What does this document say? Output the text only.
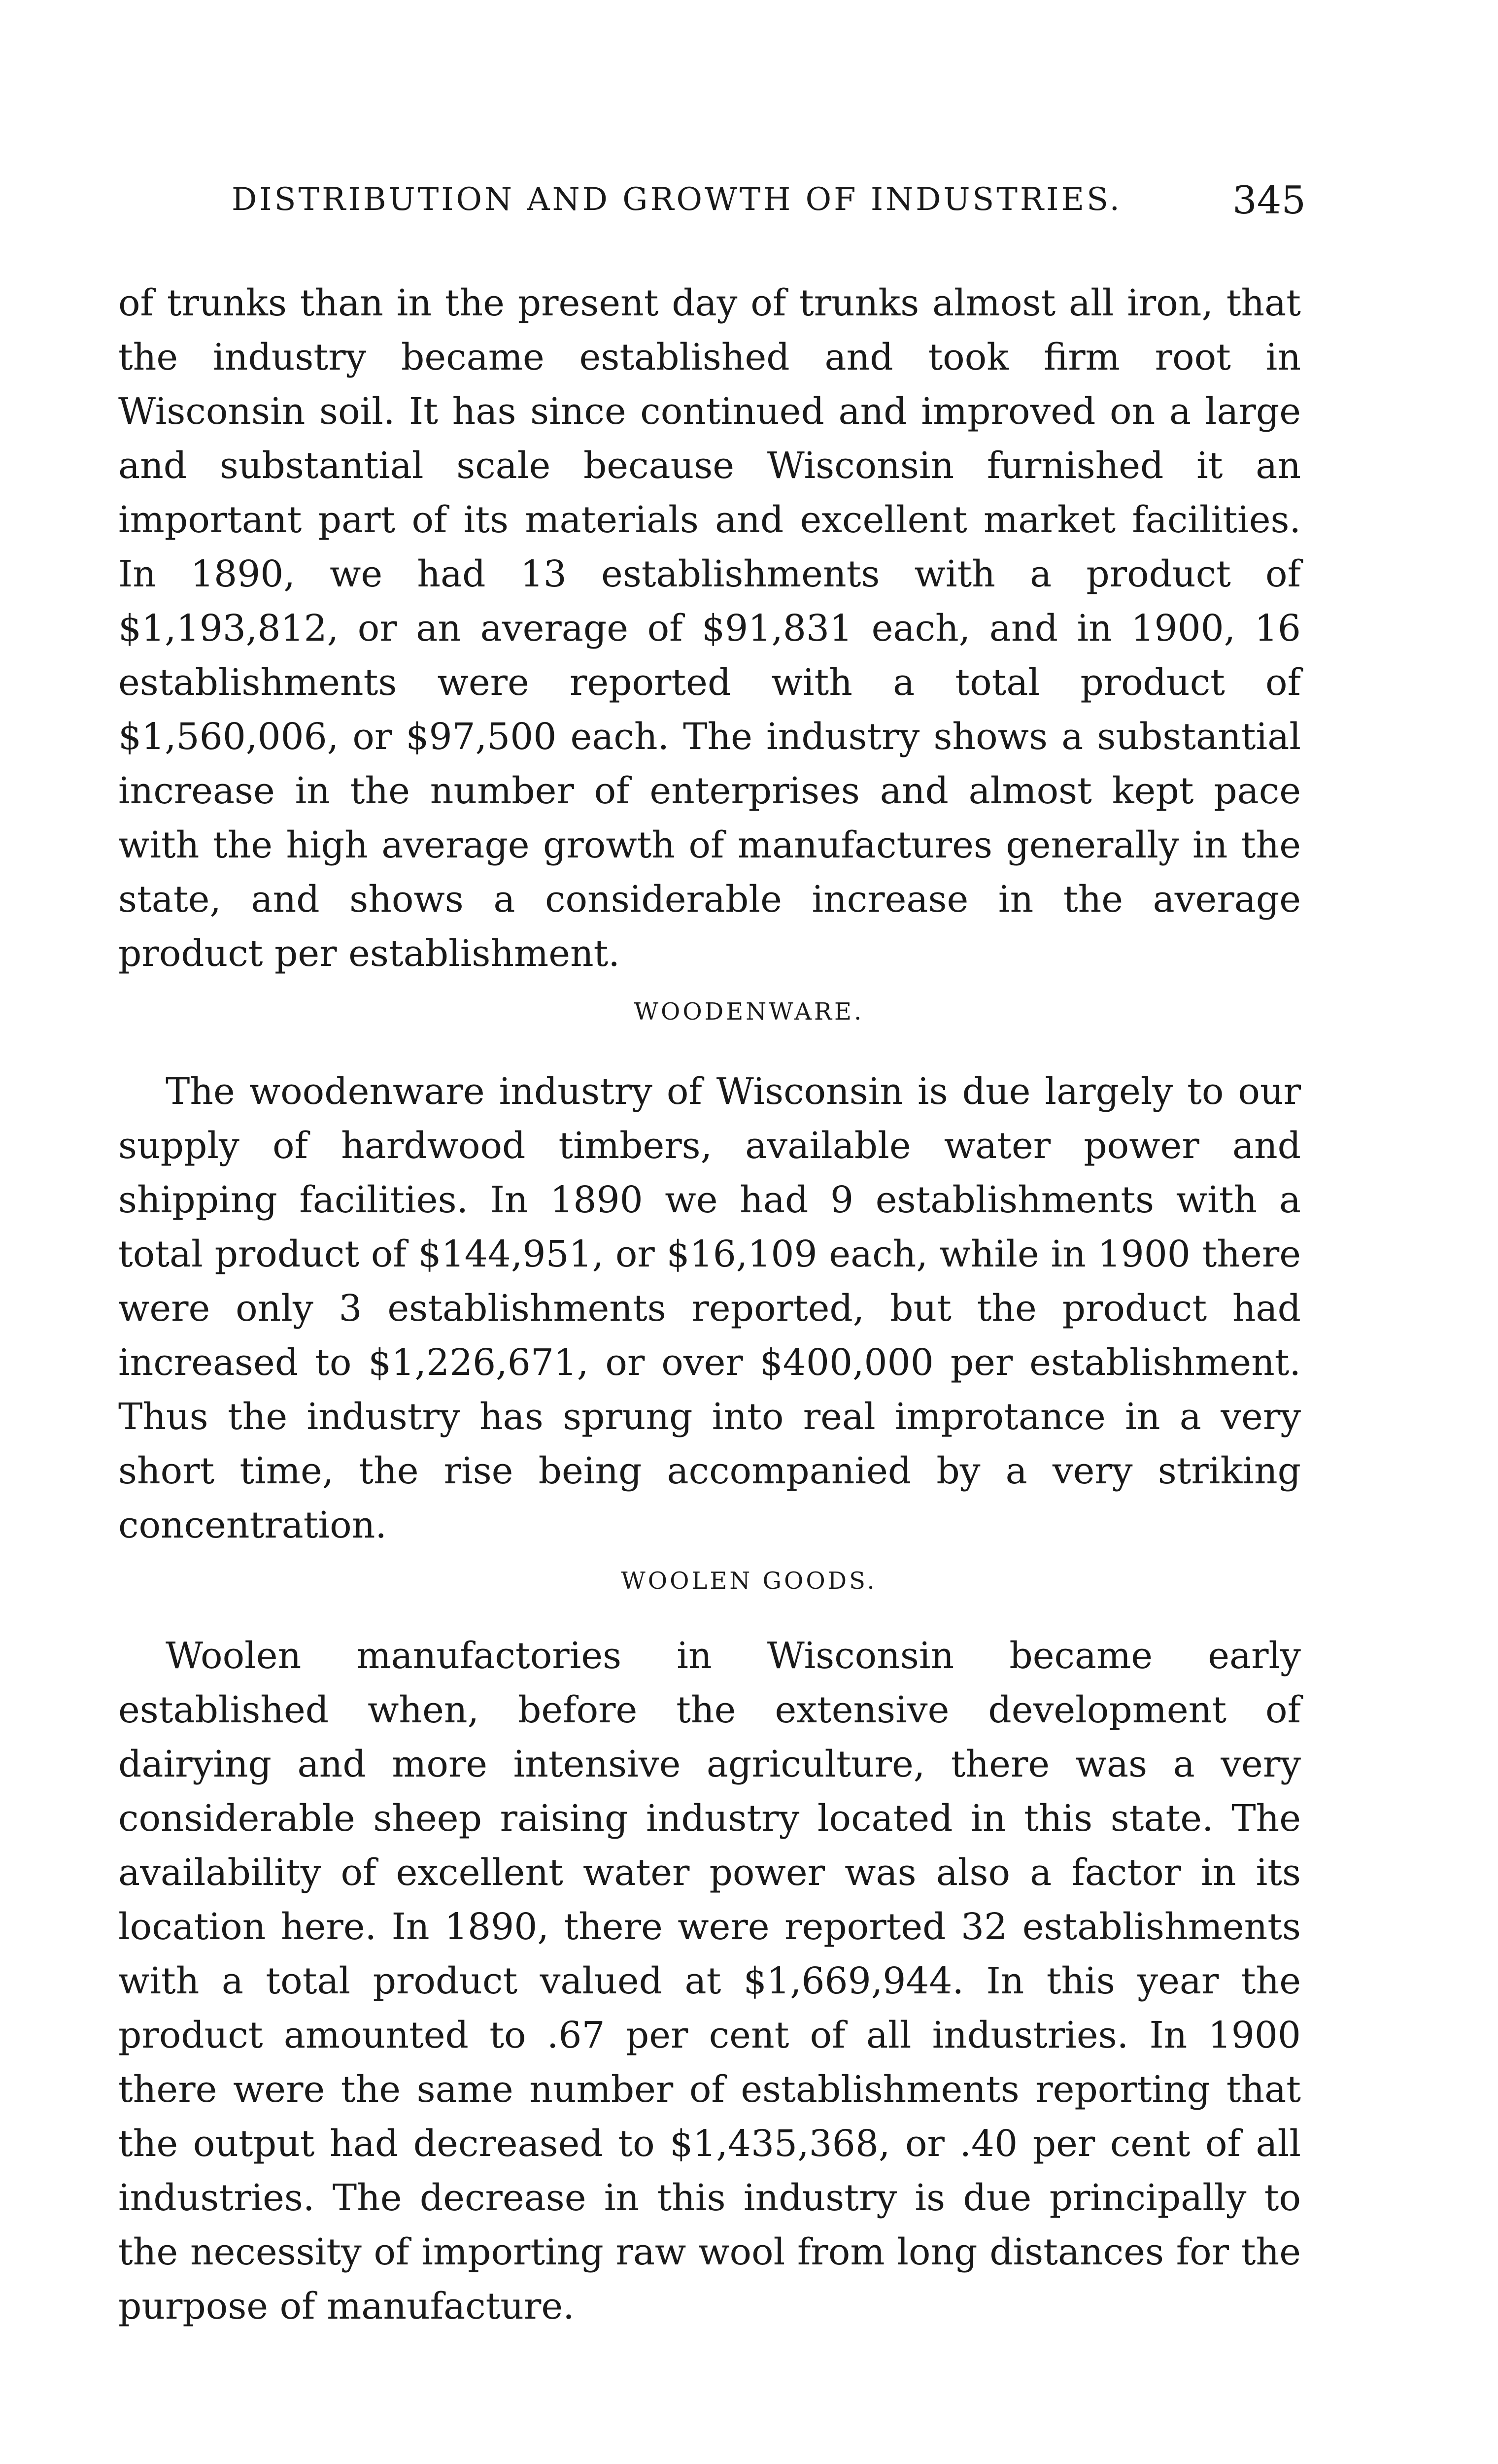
DISTRIBUTION AND GROWTH OF INDUSTRIES.	345

of trunks than in the present day of trunks almost all iron, that the industry became established and took firm root in Wisconsin soil. It has since continued and improved on a large and substantial scale because Wisconsin furnished it an important part of its materials and excellent market facilities. In 1890, we had 13 establishments with a product of $1,193,812, or an average of $91,831 each, and in 1900, 16 establishments were reported with a total product of $1,560,006, or $97,500 each. The industry shows a substantial increase in the number of enterprises and almost kept pace with the high average growth of manufactures generally in the state, and shows a considerable increase in the average product per establishment.

WOODENWARE.

The woodenware industry of Wisconsin is due largely to our supply of hardwood timbers, available water power and shipping facilities. In 1890 we had 9 establishments with a total product of $144,951, or $16,109 each, while in 1900 there were only 3 establishments reported, but the product had increased to $1,226,671, or over $400,000 per establishment. Thus the industry has sprung into real improtance in a very short time, the rise being accompanied by a very striking concentration.

WOOLEN GOODS.

Woolen manufactories in Wisconsin became early established when, before the extensive development of dairying and more intensive agriculture, there was a very considerable sheep raising industry located in this state. The availability of excellent water power was also a factor in its location here. In 1890, there were reported 32 establishments with a total product valued at $1,669,944. In this year the product amounted to .67 per cent of all industries. In 1900 there were the same number of establishments reporting that the output had decreased to $1,435,368, or .40 per cent of all industries. The decrease in this industry is due principally to the necessity of importing raw wool from long distances for the purpose of manufacture.
